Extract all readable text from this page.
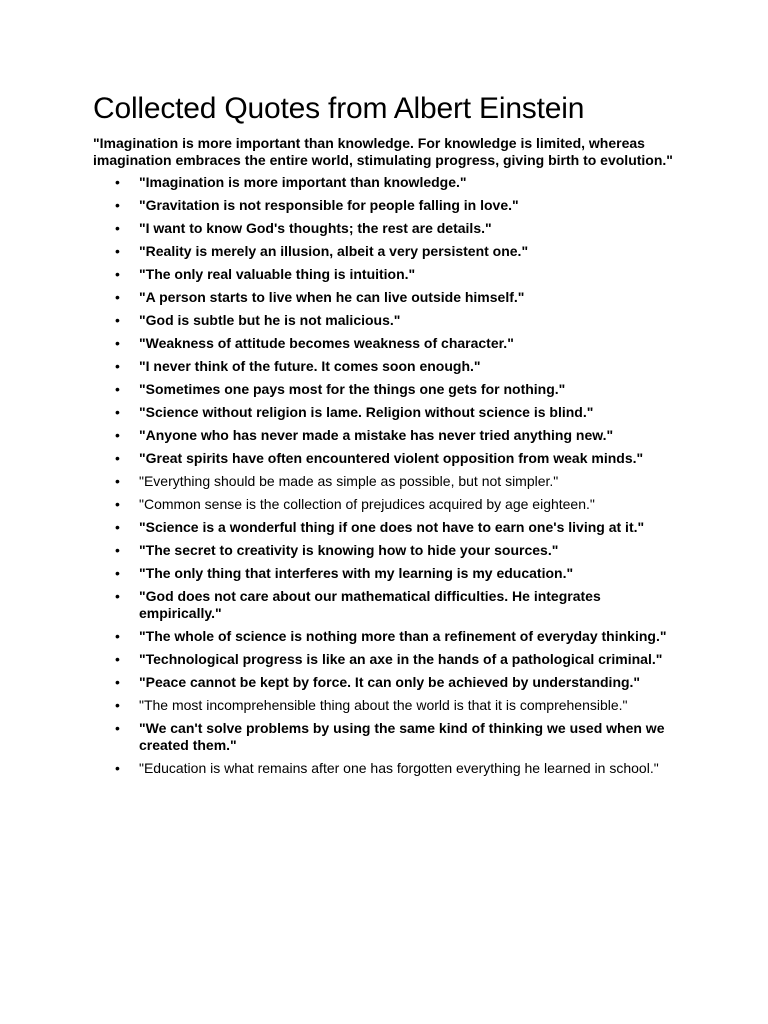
Collected Quotes from Albert Einstein

"Imagination is more important than knowledge. For knowledge is limited, whereas imagination embraces the entire world, stimulating progress, giving birth to evolution."

• "Imagination is more important than knowledge."
• "Gravitation is not responsible for people falling in love."
• "I want to know God's thoughts; the rest are details."
• "Reality is merely an illusion, albeit a very persistent one."
• "The only real valuable thing is intuition."
• "A person starts to live when he can live outside himself."
• "God is subtle but he is not malicious."
• "Weakness of attitude becomes weakness of character."
• "I never think of the future. It comes soon enough."
• "Sometimes one pays most for the things one gets for nothing."
• "Science without religion is lame. Religion without science is blind."
• "Anyone who has never made a mistake has never tried anything new."
• "Great spirits have often encountered violent opposition from weak minds."
• "Everything should be made as simple as possible, but not simpler."
• "Common sense is the collection of prejudices acquired by age eighteen."
• "Science is a wonderful thing if one does not have to earn one's living at it."
• "The secret to creativity is knowing how to hide your sources."
• "The only thing that interferes with my learning is my education."
• "God does not care about our mathematical difficulties. He integrates empirically."
• "The whole of science is nothing more than a refinement of everyday thinking."
• "Technological progress is like an axe in the hands of a pathological criminal."
• "Peace cannot be kept by force. It can only be achieved by understanding."
• "The most incomprehensible thing about the world is that it is comprehensible."
• "We can't solve problems by using the same kind of thinking we used when we created them."
• "Education is what remains after one has forgotten everything he learned in school."
